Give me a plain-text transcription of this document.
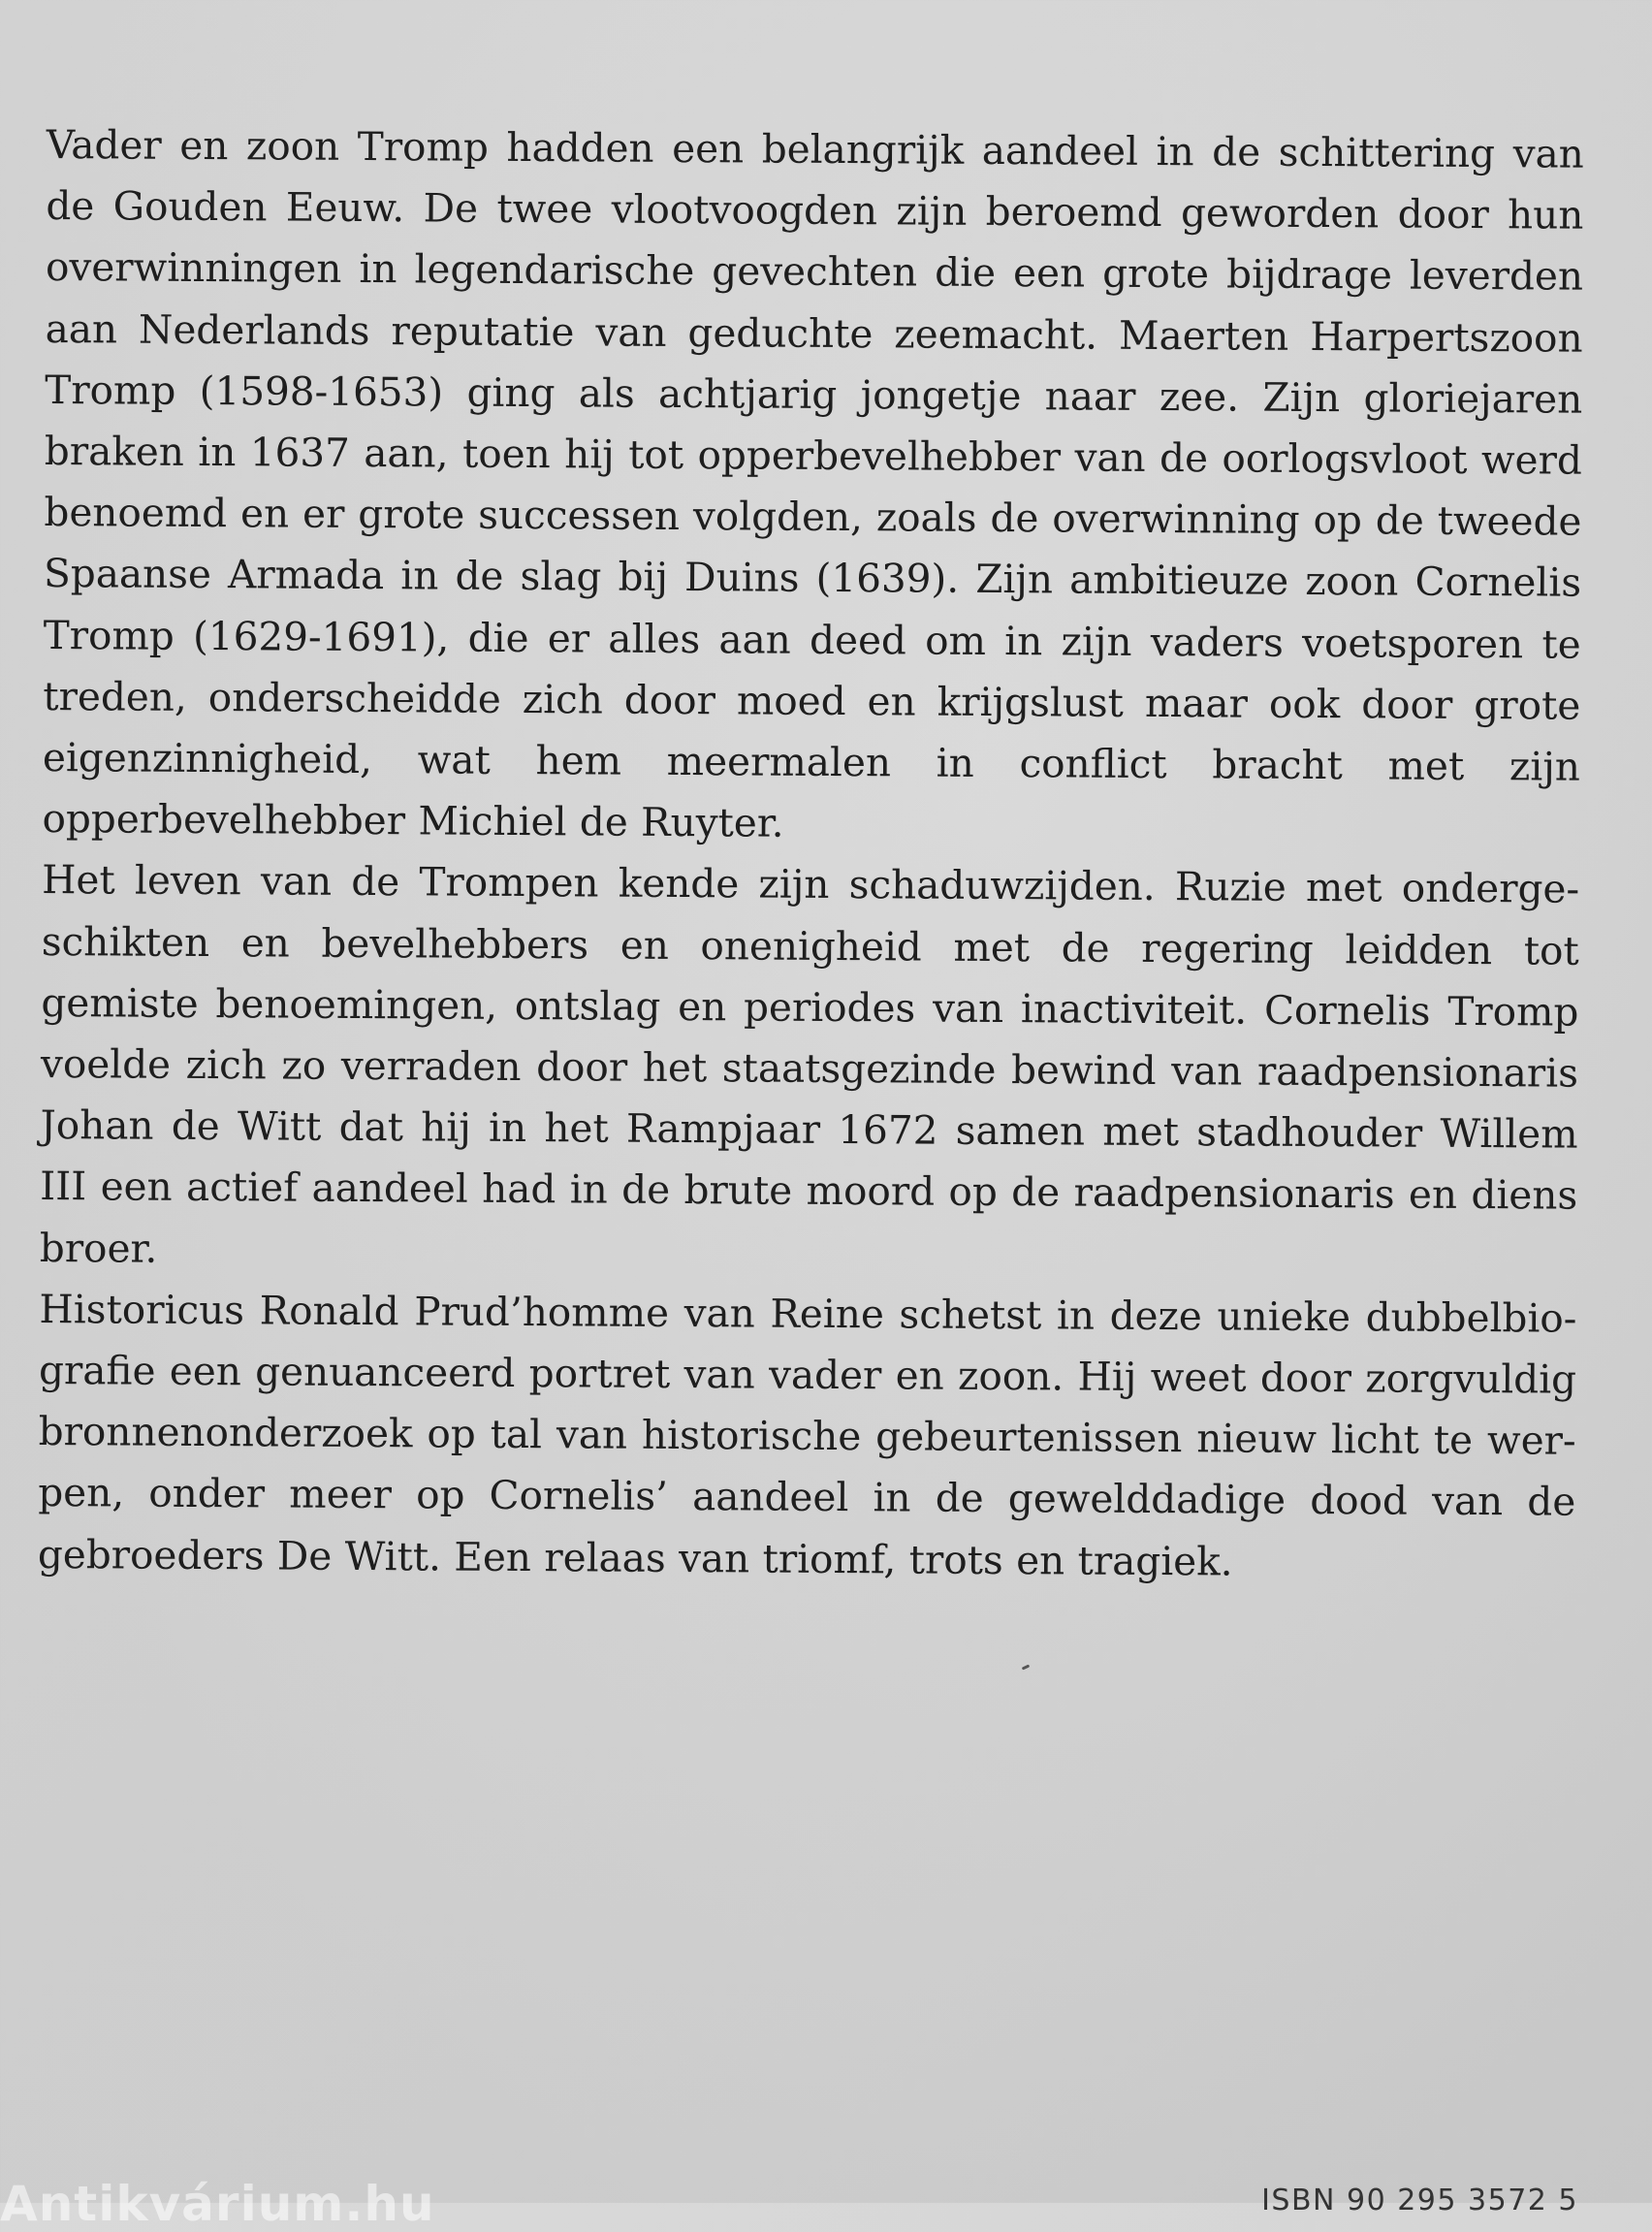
Vader en zoon Tromp hadden een belangrijk aandeel in de schittering van de Gouden Eeuw. De twee vlootvoogden zijn beroemd geworden door hun overwinningen in legendarische gevechten die een grote bijdrage leverden aan Nederlands reputatie van geduchte zeemacht. Maerten Harpertszoon Tromp (1598-1653) ging als achtjarig jongetje naar zee. Zijn gloriejaren braken in 1637 aan, toen hij tot opperbevelhebber van de oorlogsvloot werd benoemd en er grote successen volgden, zoals de overwinning op de tweede Spaanse Armada in de slag bij Duins (1639). Zijn ambitieuze zoon Cornelis Tromp (1629-1691), die er alles aan deed om in zijn vaders voetsporen te treden, onderscheidde zich door moed en krijgslust maar ook door grote eigenzinnigheid, wat hem meermalen in conflict bracht met zijn opperbevelhebber Michiel de Ruyter.

Het leven van de Trompen kende zijn schaduwzijden. Ruzie met ondergeschikten en bevelhebbers en onenigheid met de regering leidden tot gemiste benoemingen, ontslag en periodes van inactiviteit. Cornelis Tromp voelde zich zo verraden door het staatsgezinde bewind van raadpensionaris Johan de Witt dat hij in het Rampjaar 1672 samen met stadhouder Willem III een actief aandeel had in de brute moord op de raadpensionaris en diens broer.

Historicus Ronald Prud’homme van Reine schetst in deze unieke dubbelbiografie een genuanceerd portret van vader en zoon. Hij weet door zorgvuldig bronnenonderzoek op tal van historische gebeurtenissen nieuw licht te werpen, onder meer op Cornelis’ aandeel in de gewelddadige dood van de gebroeders De Witt. Een relaas van triomf, trots en tragiek.

Antikvárium.hu	ISBN 90 295 3572 5
